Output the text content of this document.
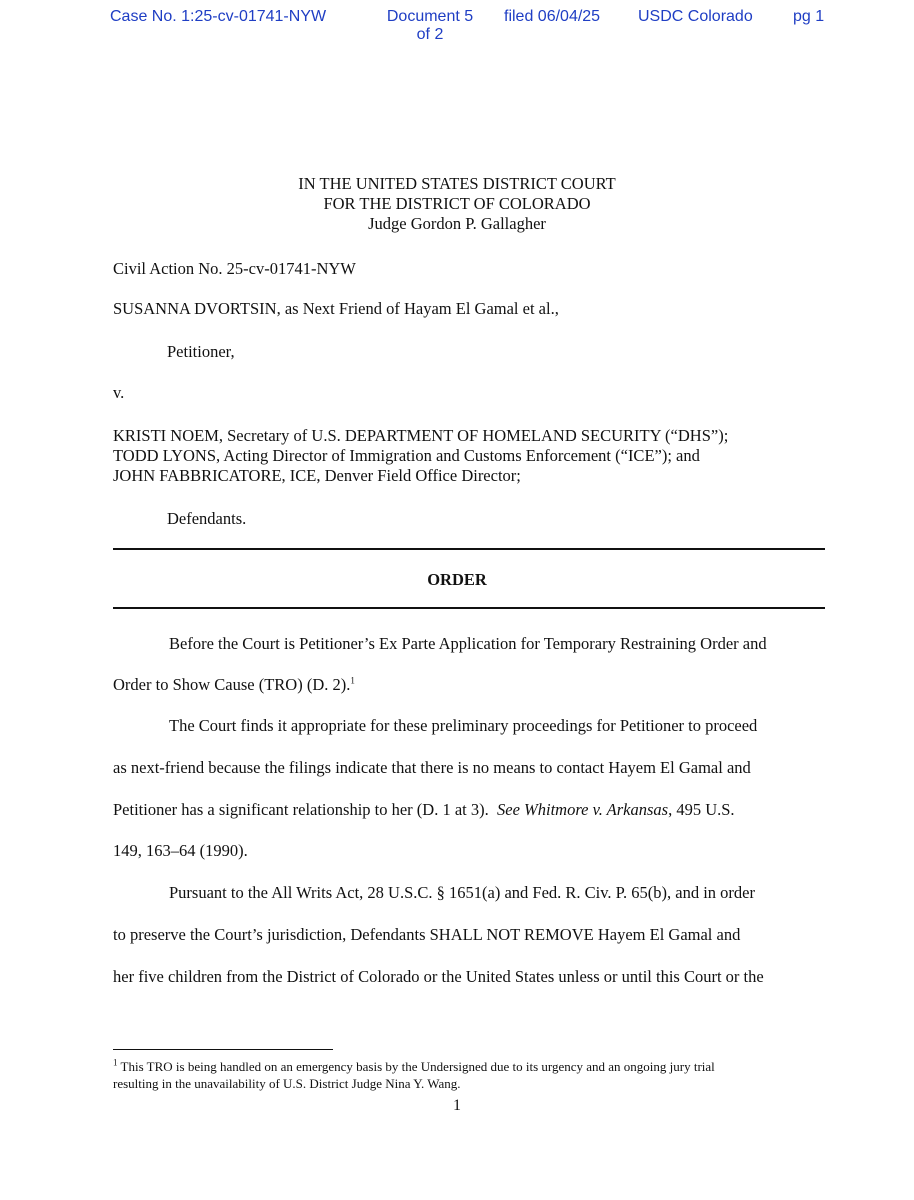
Case No. 1:25-cv-01741-NYW	Document 5
of 2
filed 06/04/25 USDC Colorado	pg 1
IN THE UNITED STATES DISTRICT COURT
FOR THE DISTRICT OF COLORADO
Judge Gordon P. Gallagher
Civil Action No. 25-cv-01741-NYW
SUSANNA DVORTSIN, as Next Friend of Hayam El Gamal et al.,
Petitioner,
v.
KRISTI NOEM, Secretary of U.S. DEPARTMENT OF HOMELAND SECURITY (“DHS”);
TODD LYONS, Acting Director of Immigration and Customs Enforcement (“ICE”); and
JOHN FABBRICATORE, ICE, Denver Field Office Director;
Defendants.
ORDER
Before the Court is Petitioner’s Ex Parte Application for Temporary Restraining Order and
Order to Show Cause (TRO) (D. 2).$^1$
The Court finds it appropriate for these preliminary proceedings for Petitioner to proceed
as next-friend because the filings indicate that there is no means to contact Hayem El Gamal and
Petitioner has a significant relationship to her (D. 1 at 3). See Whitmore v. Arkansas, 495 U.S.
149, 163–64 (1990).
Pursuant to the All Writs Act, 28 U.S.C. § 1651(a) and Fed. R. Civ. P. 65(b), and in order
to preserve the Court’s jurisdiction, Defendants SHALL NOT REMOVE Hayem El Gamal and
her five children from the District of Colorado or the United States unless or until this Court or the
$^1$ This TRO is being handled on an emergency basis by the Undersigned due to its urgency and an ongoing jury trial
resulting in the unavailability of U.S. District Judge Nina Y. Wang.
1
